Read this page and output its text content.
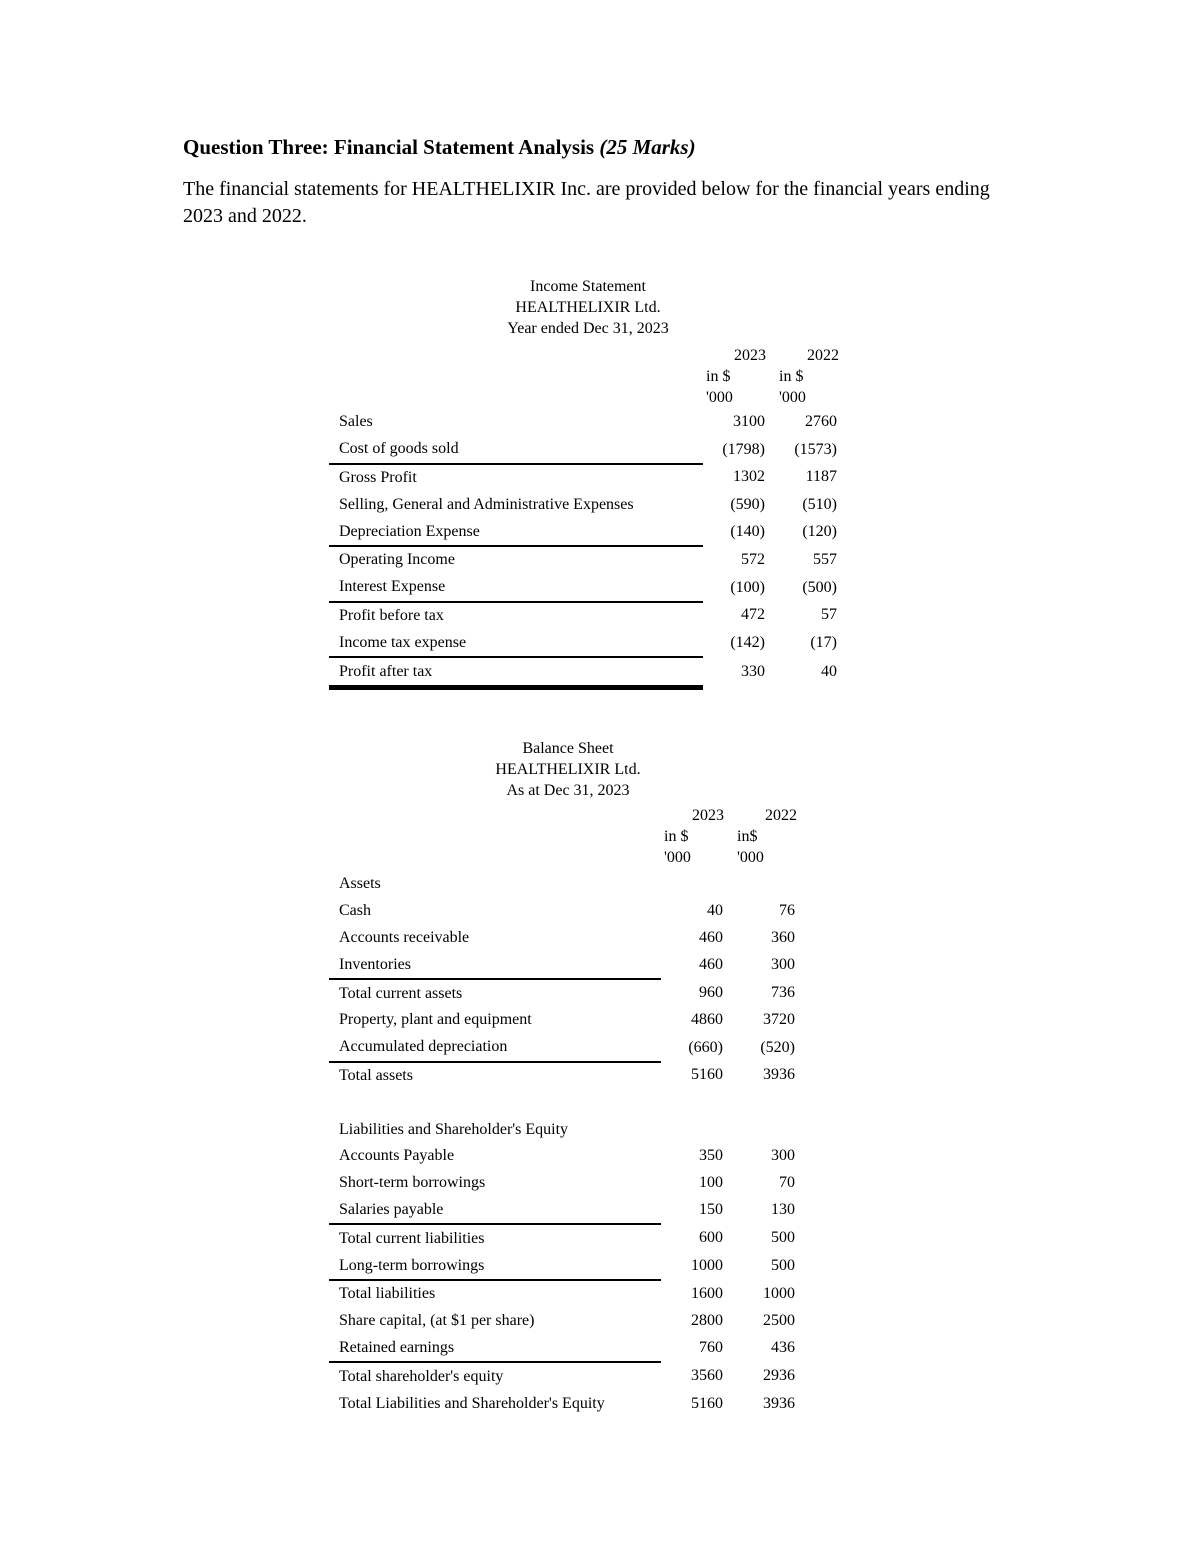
Question Three: Financial Statement Analysis (25 Marks)
The financial statements for HEALTHELIXIR Inc. are provided below for the financial years ending 2023 and 2022.
Income Statement
HEALTHELIXIR Ltd.
Year ended Dec 31, 2023
2023
in $
'000
2022
in $
'000
Sales	3100	2760
Cost of goods sold	(1798)	(1573)
Gross Profit	1302	1187
Selling, General and Administrative Expenses	(590)	(510)
Depreciation Expense	(140)	(120)
Operating Income	572	557
Interest Expense	(100)	(500)
Profit before tax	472	57
Income tax expense	(142)	(17)
Profit after tax	330	40
Balance Sheet
HEALTHELIXIR Ltd.
As at Dec 31, 2023
2023
in $
'000
2022
in$
'000
Assets		
Cash	40	76
Accounts receivable	460	360
Inventories	460	300
Total current assets	960	736
Property, plant and equipment	4860	3720
Accumulated depreciation	(660)	(520)
Total assets	5160	3936

Liabilities and Shareholder's Equity		
Accounts Payable	350	300
Short-term borrowings	100	70
Salaries payable	150	130
Total current liabilities	600	500
Long-term borrowings	1000	500
Total liabilities	1600	1000
Share capital, (at $1 per share)	2800	2500
Retained earnings	760	436
Total shareholder's equity	3560	2936
Total Liabilities and Shareholder's Equity	5160	3936
